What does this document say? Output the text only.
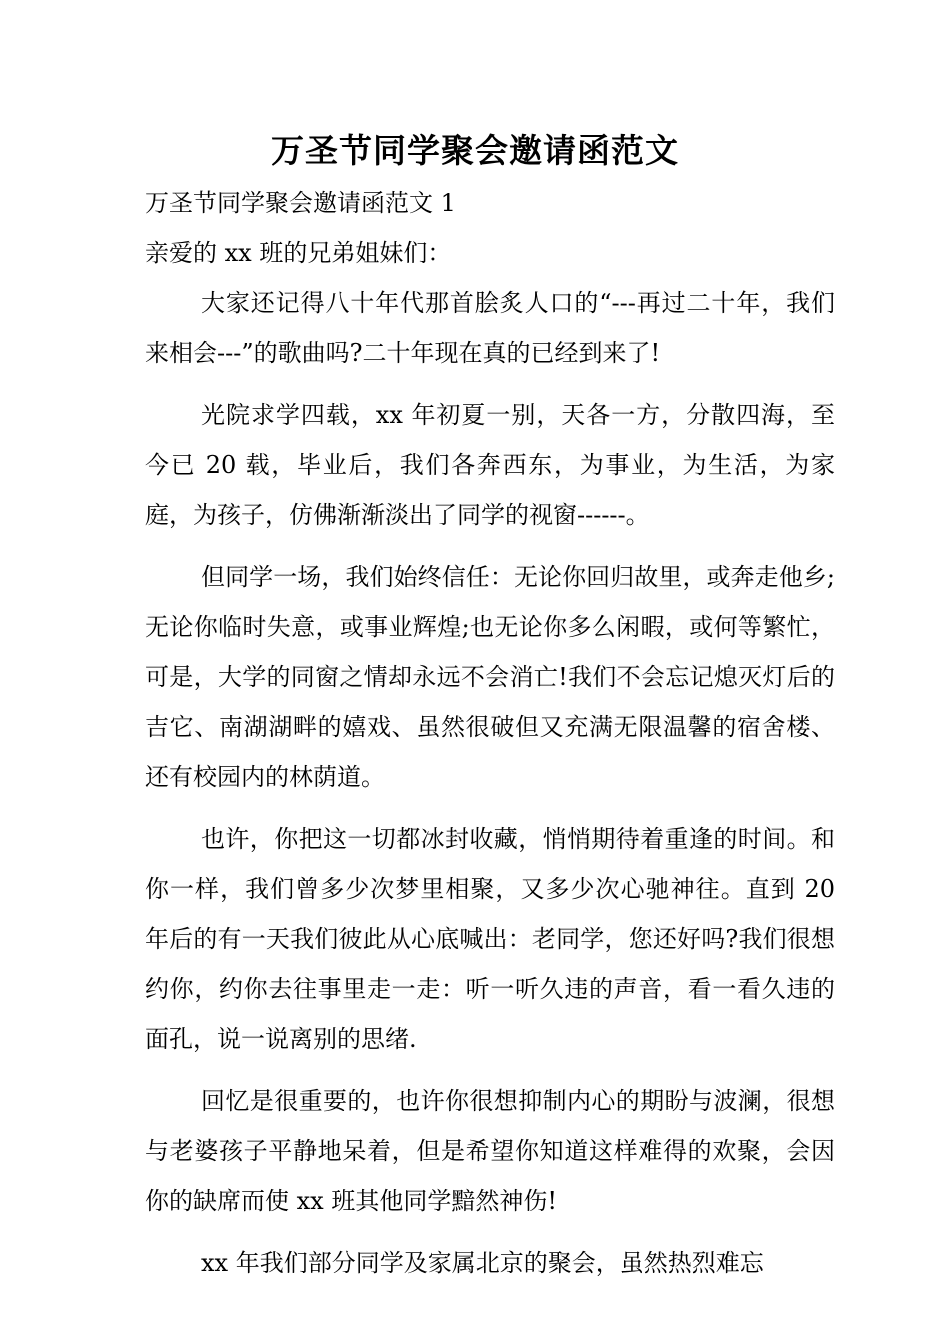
万圣节同学聚会邀请函范文

万圣节同学聚会邀请函范文 1

亲爱的 xx 班的兄弟姐妹们：

大家还记得八十年代那首脍炙人口的“---再过二十年，我们来相会---”的歌曲吗?二十年现在真的已经到来了!

光院求学四载，xx 年初夏一别，天各一方，分散四海，至今已 20 载，毕业后，我们各奔西东，为事业，为生活，为家庭，为孩子，仿佛渐渐淡出了同学的视窗------。

但同学一场，我们始终信任：无论你回归故里，或奔走他乡;无论你临时失意，或事业辉煌;也无论你多么闲暇，或何等繁忙，可是，大学的同窗之情却永远不会消亡!我们不会忘记熄灭灯后的吉它、南湖湖畔的嬉戏、虽然很破但又充满无限温馨的宿舍楼、还有校园内的林荫道。

也许，你把这一切都冰封收藏，悄悄期待着重逢的时间。和你一样，我们曾多少次梦里相聚，又多少次心驰神往。直到 20 年后的有一天我们彼此从心底喊出：老同学，您还好吗?我们很想约你，约你去往事里走一走：听一听久违的声音，看一看久违的面孔，说一说离别的思绪.

回忆是很重要的，也许你很想抑制内心的期盼与波澜，很想与老婆孩子平静地呆着，但是希望你知道这样难得的欢聚，会因你的缺席而使 xx 班其他同学黯然神伤!

xx 年我们部分同学及家属北京的聚会，虽然热烈难忘
